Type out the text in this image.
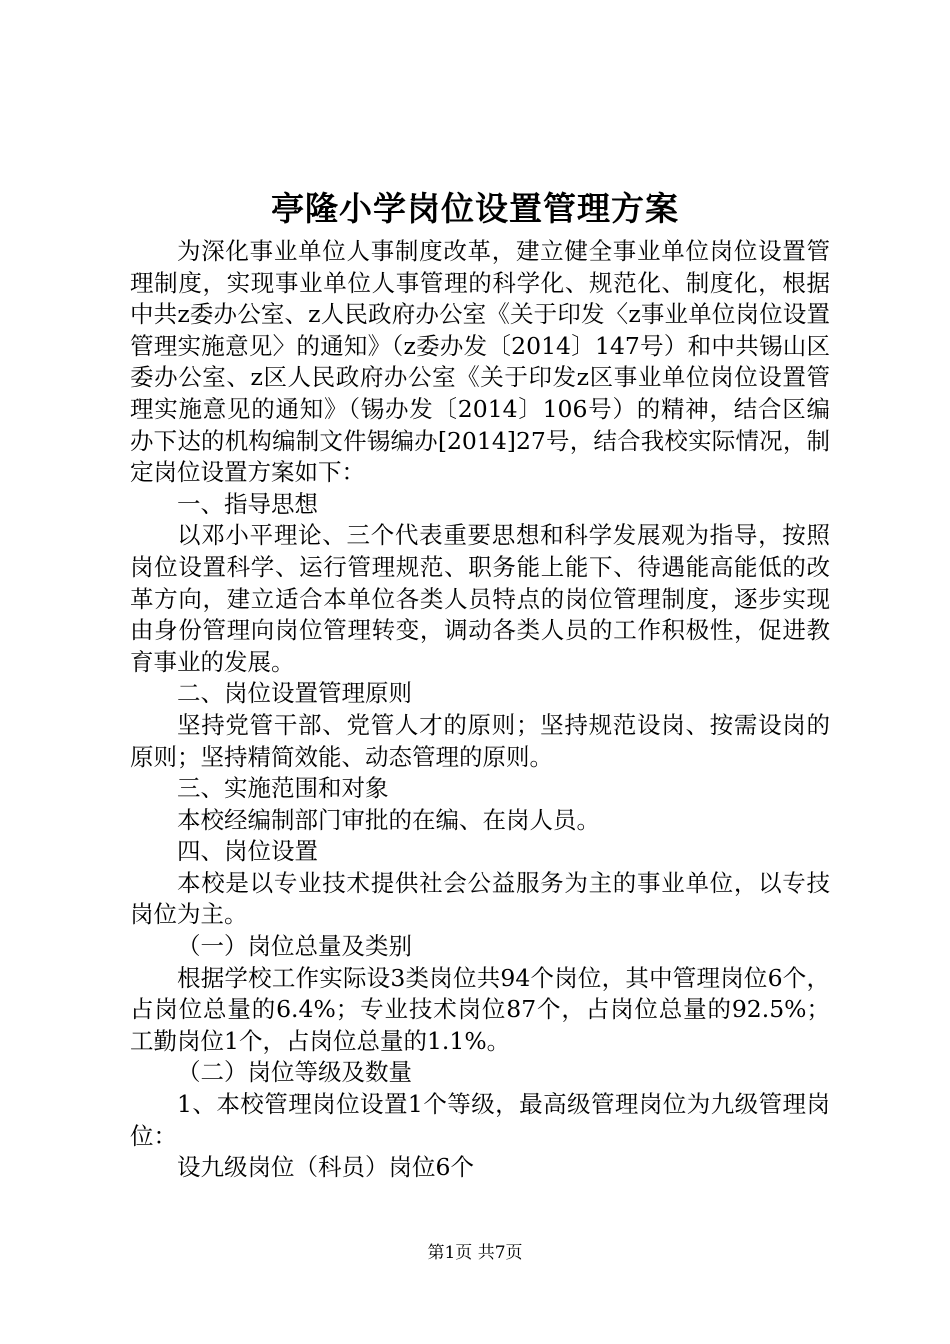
亭隆小学岗位设置管理方案

为深化事业单位人事制度改革，建立健全事业单位岗位设置管理制度，实现事业单位人事管理的科学化、规范化、制度化，根据中共z委办公室、z人民政府办公室《关于印发〈z事业单位岗位设置管理实施意见〉的通知》（z委办发〔2014〕147号）和中共锡山区委办公室、z区人民政府办公室《关于印发z区事业单位岗位设置管理实施意见的通知》（锡办发〔2014〕106号）的精神，结合区编办下达的机构编制文件锡编办[2014]27号，结合我校实际情况，制定岗位设置方案如下：

一、指导思想

以邓小平理论、三个代表重要思想和科学发展观为指导，按照岗位设置科学、运行管理规范、职务能上能下、待遇能高能低的改革方向，建立适合本单位各类人员特点的岗位管理制度，逐步实现由身份管理向岗位管理转变，调动各类人员的工作积极性，促进教育事业的发展。

二、岗位设置管理原则

坚持党管干部、党管人才的原则；坚持规范设岗、按需设岗的原则；坚持精简效能、动态管理的原则。

三、实施范围和对象

本校经编制部门审批的在编、在岗人员。

四、岗位设置

本校是以专业技术提供社会公益服务为主的事业单位，以专技岗位为主。

（一）岗位总量及类别

根据学校工作实际设3类岗位共94个岗位，其中管理岗位6个，占岗位总量的6.4%；专业技术岗位87个，占岗位总量的92.5%；工勤岗位1个，占岗位总量的1.1%。

（二）岗位等级及数量

1、本校管理岗位设置1个等级，最高级管理岗位为九级管理岗位：

设九级岗位（科员）岗位6个

第1页 共7页
